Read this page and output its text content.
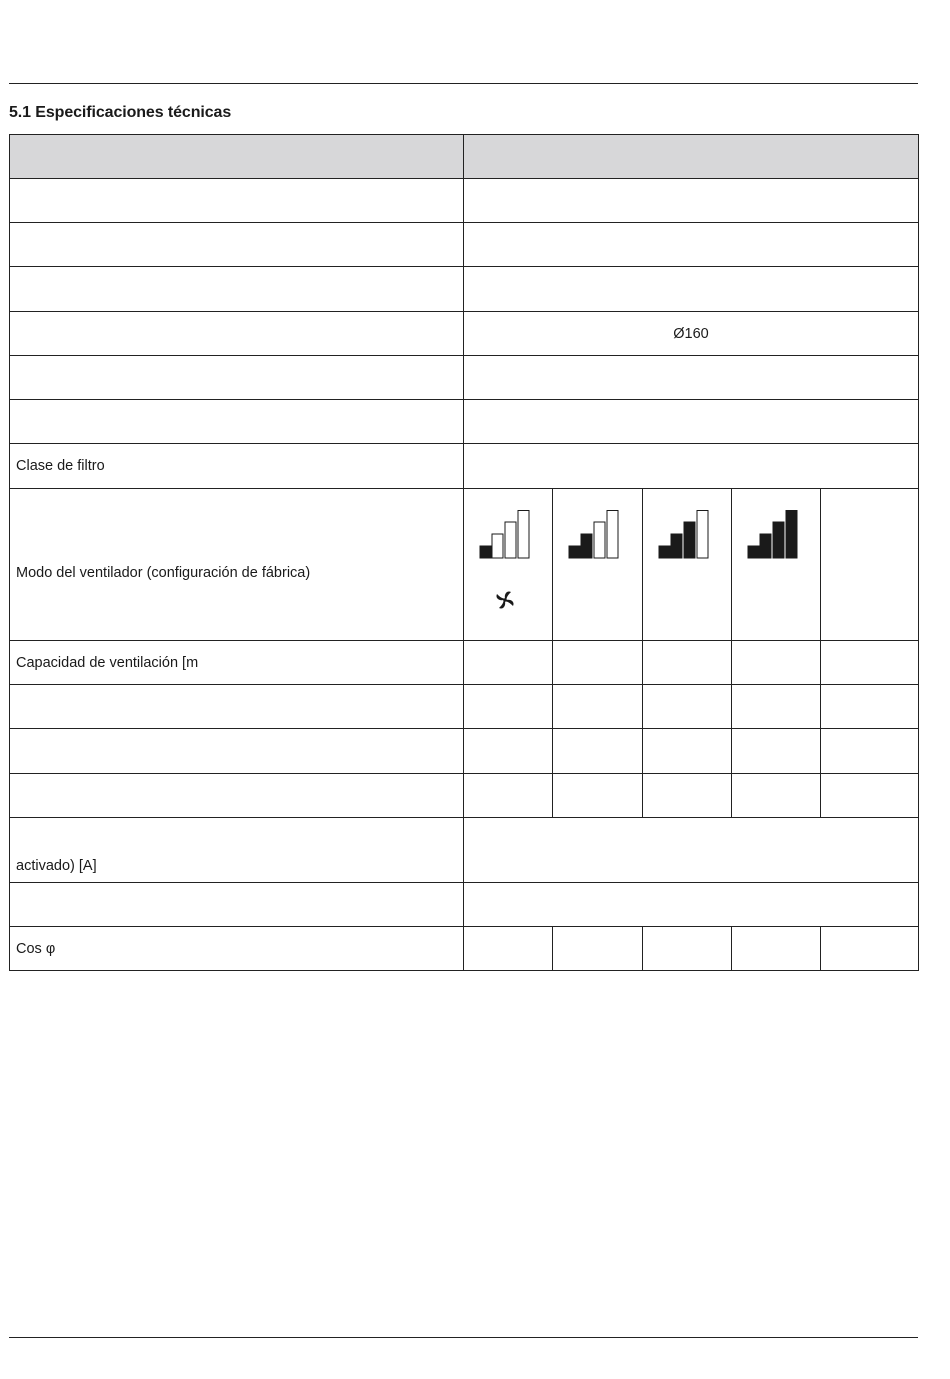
5.1 Especificaciones técnicas

	Ø160				

Clase de filtro					
Modo del ventilador (configuración de fábrica)	

Capacidad de ventilación [m					

activado) [A]					

Cos φ					
